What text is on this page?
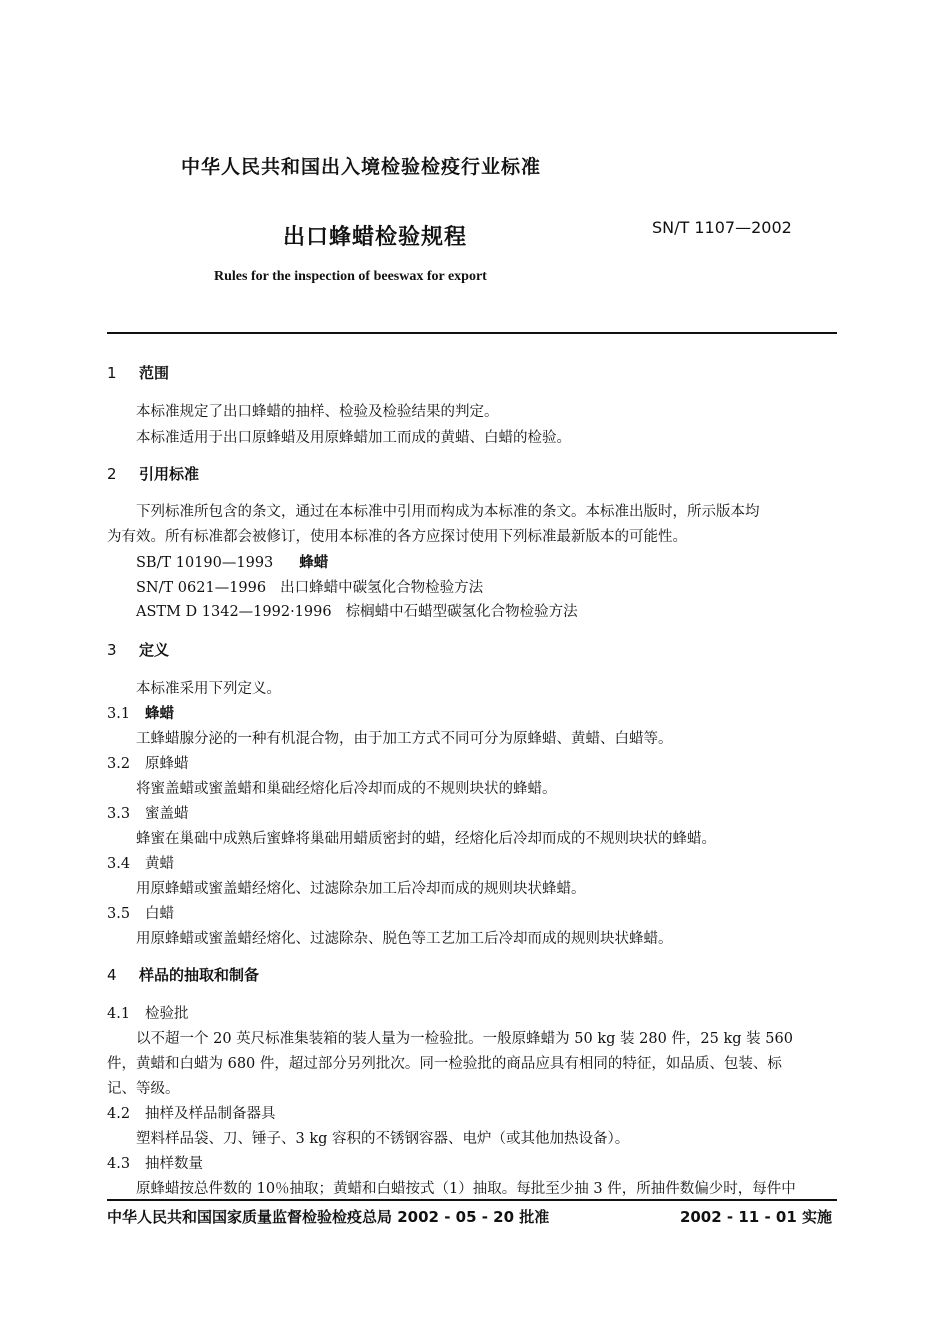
中华人民共和国出入境检验检疫行业标准
出口蜂蜡检验规程	SN/T 1107—2002
Rules for the inspection of beeswax for export
1 范围
本标准规定了出口蜂蜡的抽样、检验及检验结果的判定。
本标准适用于出口原蜂蜡及用原蜂蜡加工而成的黄蜡、白蜡的检验。
2 引用标准
下列标准所包含的条文，通过在本标准中引用而构成为本标准的条文。本标准出版时，所示版本均
为有效。所有标准都会被修订，使用本标准的各方应探讨使用下列标准最新版本的可能性。
SB/T 10190—1993 蜂蜡
SN/T 0621—1996 出口蜂蜡中碳氢化合物检验方法
ASTM D 1342—1992·1996 棕榈蜡中石蜡型碳氢化合物检验方法
3 定义
本标准采用下列定义。
3.1 蜂蜡
工蜂蜡腺分泌的一种有机混合物，由于加工方式不同可分为原蜂蜡、黄蜡、白蜡等。
3.2 原蜂蜡
将蜜盖蜡或蜜盖蜡和巢础经熔化后冷却而成的不规则块状的蜂蜡。
3.3 蜜盖蜡
蜂蜜在巢础中成熟后蜜蜂将巢础用蜡质密封的蜡，经熔化后冷却而成的不规则块状的蜂蜡。
3.4 黄蜡
用原蜂蜡或蜜盖蜡经熔化、过滤除杂加工后冷却而成的规则块状蜂蜡。
3.5 白蜡
用原蜂蜡或蜜盖蜡经熔化、过滤除杂、脱色等工艺加工后冷却而成的规则块状蜂蜡。
4 样品的抽取和制备
4.1 检验批
以不超一个 20 英尺标准集装箱的装人量为一检验批。一般原蜂蜡为 50 kg 装 280 件，25 kg 装 560
件，黄蜡和白蜡为 680 件，超过部分另列批次。同一检验批的商品应具有相同的特征，如品质、包装、标
记、等级。
4.2 抽样及样品制备器具
塑料样品袋、刀、锤子、3 kg 容积的不锈钢容器、电炉（或其他加热设备）。
4.3 抽样数量
原蜂蜡按总件数的 10％抽取；黄蜡和白蜡按式（1）抽取。每批至少抽 3 件，所抽件数偏少时，每件中
中华人民共和国国家质量监督检验检疫总局 2002 - 05 - 20 批准	2002 - 11 - 01 实施
